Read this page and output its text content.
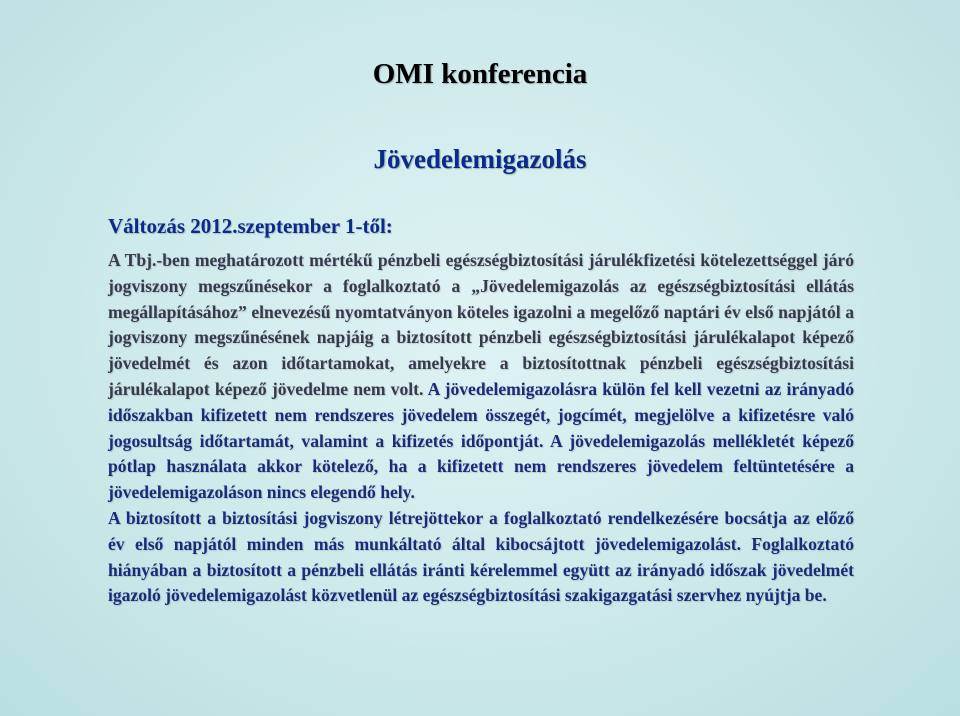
OMI konferencia
Jövedelemigazolás
Változás 2012.szeptember 1-től:
A Tbj.-ben meghatározott mértékű pénzbeli egészségbiztosítási járulékfizetési kötelezettséggel járó jogviszony megszűnésekor a foglalkoztató a „Jövedelemigazolás az egészségbiztosítási ellátás megállapításához” elnevezésű nyomtatványon köteles igazolni a megelőző naptári év első napjától a jogviszony megszűnésének napjáig a biztosított pénzbeli egészségbiztosítási járulékalapot képező jövedelmét és azon időtartamokat, amelyekre a biztosítottnak pénzbeli egészségbiztosítási járulékalapot képező jövedelme nem volt. A jövedelemigazolásra külön fel kell vezetni az irányadó időszakban kifizetett nem rendszeres jövedelem összegét, jogcímét, megjelölve a kifizetésre való jogosultság időtartamát, valamint a kifizetés időpontját. A jövedelemigazolás mellékletét képező pótlap használata akkor kötelező, ha a kifizetett nem rendszeres jövedelem feltüntetésére a jövedelemigazoláson nincs elegendő hely.
A biztosított a biztosítási jogviszony létrejöttekor a foglalkoztató rendelkezésére bocsátja az előző év első napjától minden más munkáltató által kibocsájtott jövedelemigazolást. Foglalkoztató hiányában a biztosított a pénzbeli ellátás iránti kérelemmel együtt az irányadó időszak jövedelmét igazoló jövedelemigazolást közvetlenül az egészségbiztosítási szakigazgatási szervhez nyújtja be.
